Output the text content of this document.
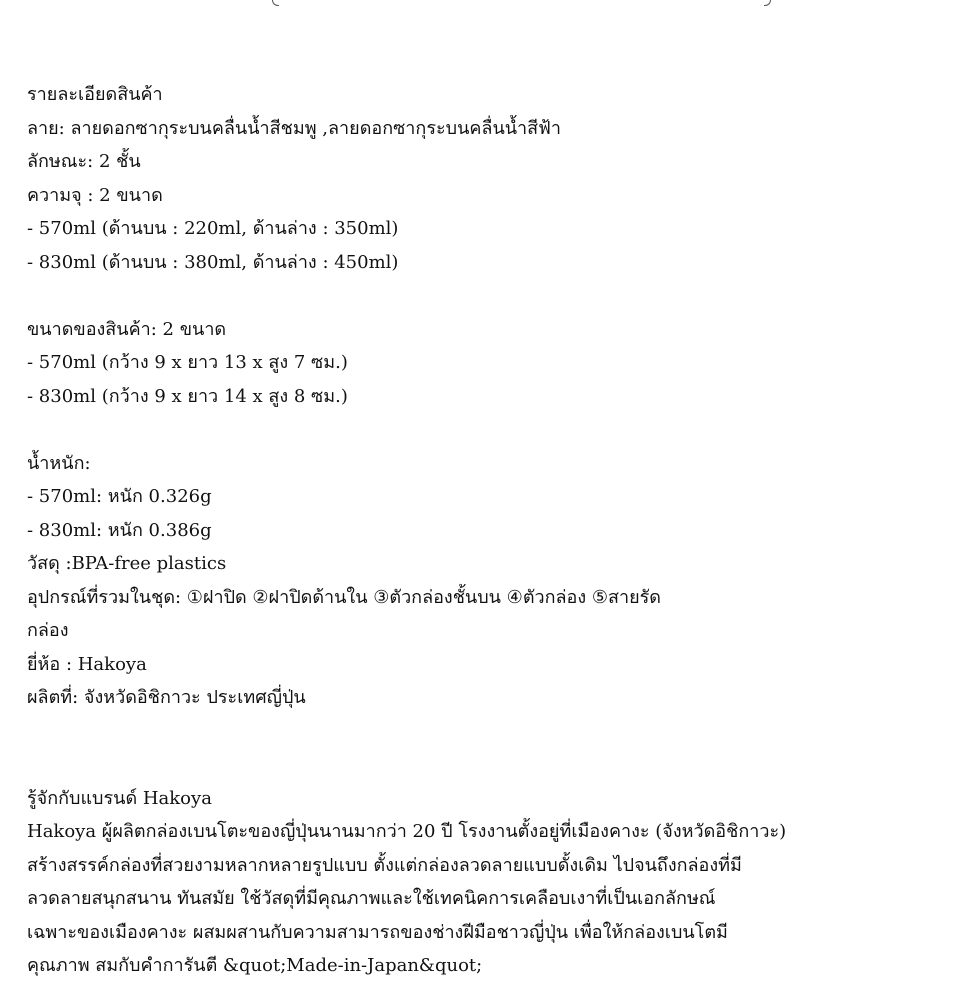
รายละเอียดสินค้า

ลาย: ลายดอกซากุระบนคลื่นน้ำสีชมพู ,ลายดอกซากุระบนคลื่นน้ำสีฟ้า

ลักษณะ: 2 ชั้น

ความจุ : 2 ขนาด

- 570ml (ด้านบน : 220ml, ด้านล่าง : 350ml)

- 830ml (ด้านบน : 380ml, ด้านล่าง : 450ml)

ขนาดของสินค้า: 2 ขนาด

- 570ml (กว้าง 9 x ยาว 13 x สูง 7 ซม.)

- 830ml (กว้าง 9 x ยาว 14 x สูง 8 ซม.)

น้ำหนัก:

- 570ml: หนัก 0.326g

- 830ml: หนัก 0.386g

วัสดุ :BPA-free plastics

อุปกรณ์ที่รวมในชุด: ①ฝาปิด ②ฝาปิดด้านใน ③ตัวกล่องชั้นบน ④ตัวกล่อง ⑤สายรัด

กล่อง

ยี่ห้อ : Hakoya

ผลิตที่: จังหวัดอิชิกาวะ ประเทศญี่ปุ่น

รู้จักกับแบรนด์ Hakoya

Hakoya ผู้ผลิตกล่องเบนโตะของญี่ปุ่นนานมากว่า 20 ปี โรงงานตั้งอยู่ที่เมืองคางะ (จังหวัดอิชิกาวะ)

สร้างสรรค์กล่องที่สวยงามหลากหลายรูปแบบ ตั้งแต่กล่องลวดลายแบบดั้งเดิม ไปจนถึงกล่องที่มี

ลวดลายสนุกสนาน ทันสมัย ใช้วัสดุที่มีคุณภาพและใช้เทคนิคการเคลือบเงาที่เป็นเอกลักษณ์

เฉพาะของเมืองคางะ ผสมผสานกับความสามารถของช่างฝีมือชาวญี่ปุ่น เพื่อให้กล่องเบนโตมี

คุณภาพ สมกับคำการันตี &quot;Made-in-Japan&quot;
